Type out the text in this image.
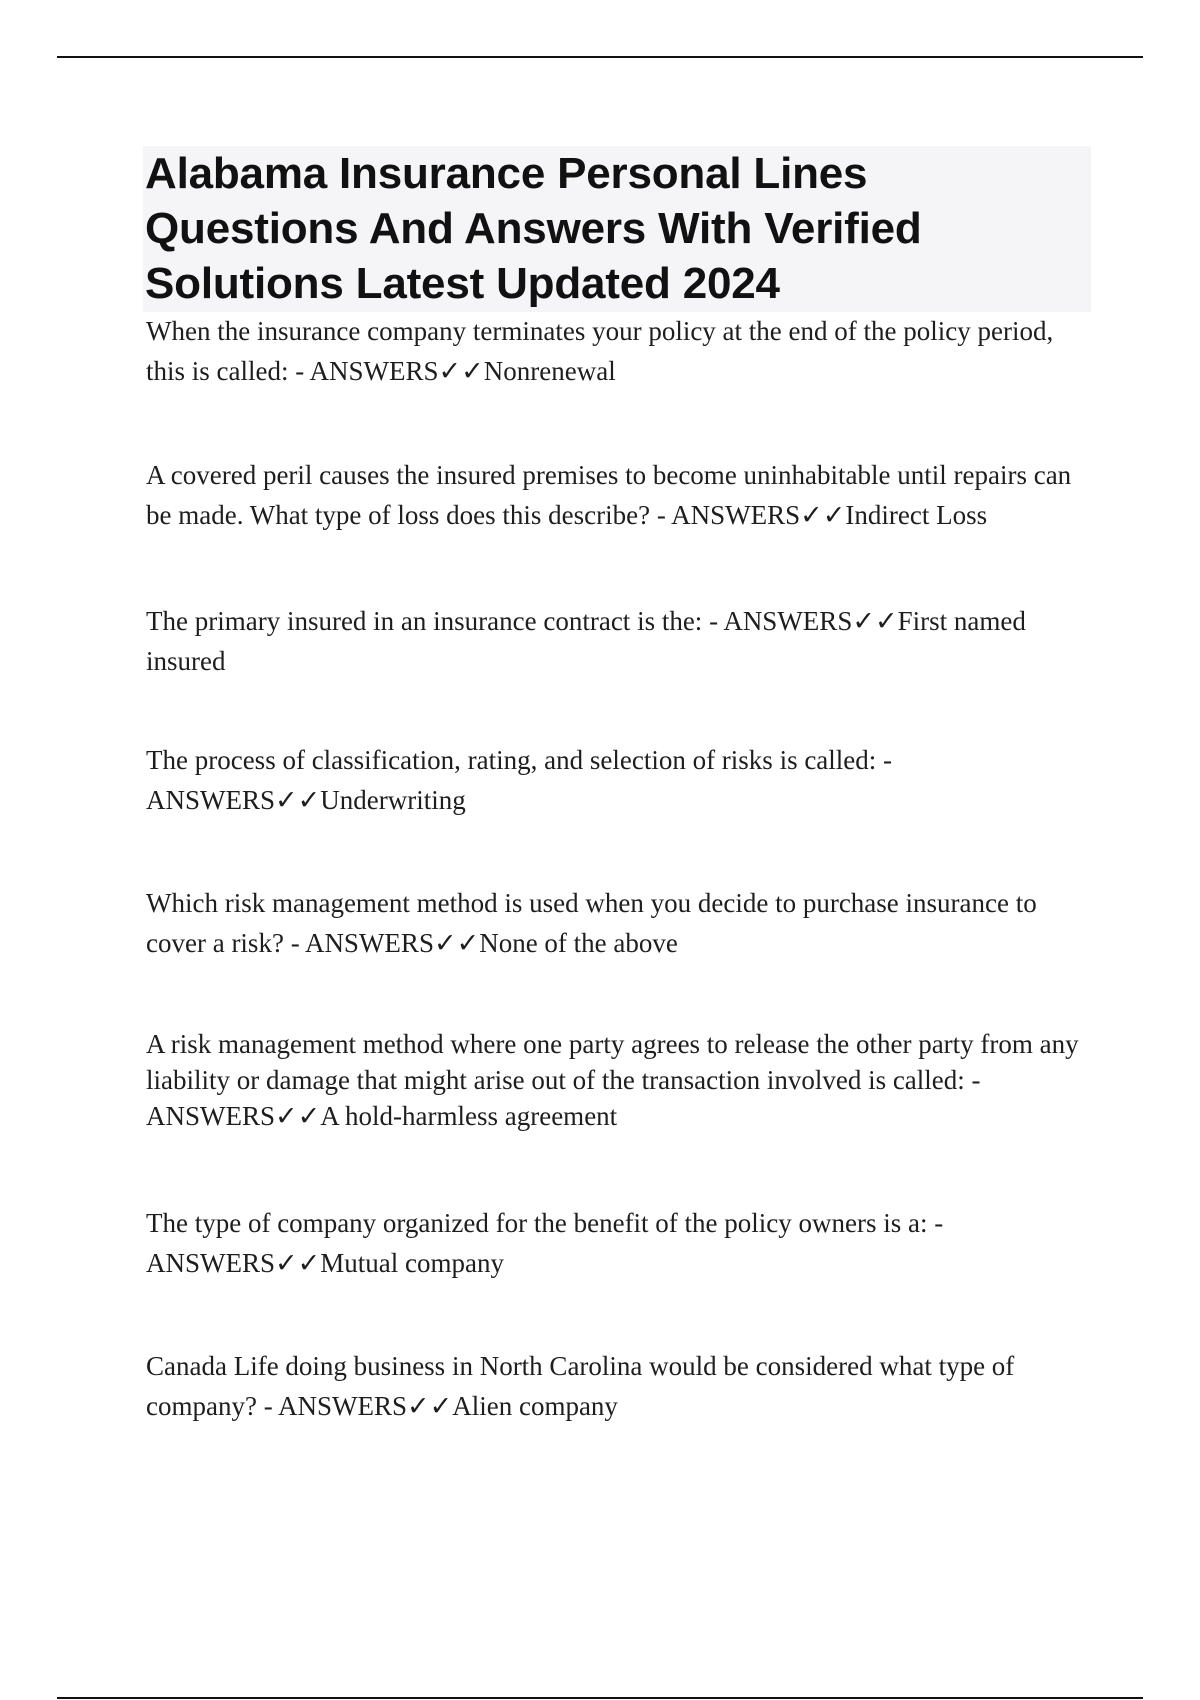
Alabama Insurance Personal Lines Questions And Answers With Verified Solutions Latest Updated 2024

When the insurance company terminates your policy at the end of the policy period, this is called: - ANSWERS✓✓Nonrenewal

A covered peril causes the insured premises to become uninhabitable until repairs can be made. What type of loss does this describe? - ANSWERS✓✓Indirect Loss

The primary insured in an insurance contract is the: - ANSWERS✓✓First named insured

The process of classification, rating, and selection of risks is called: - ANSWERS✓✓Underwriting

Which risk management method is used when you decide to purchase insurance to cover a risk? - ANSWERS✓✓None of the above

A risk management method where one party agrees to release the other party from any liability or damage that might arise out of the transaction involved is called: - ANSWERS✓✓A hold-harmless agreement

The type of company organized for the benefit of the policy owners is a: - ANSWERS✓✓Mutual company

Canada Life doing business in North Carolina would be considered what type of company? - ANSWERS✓✓Alien company
